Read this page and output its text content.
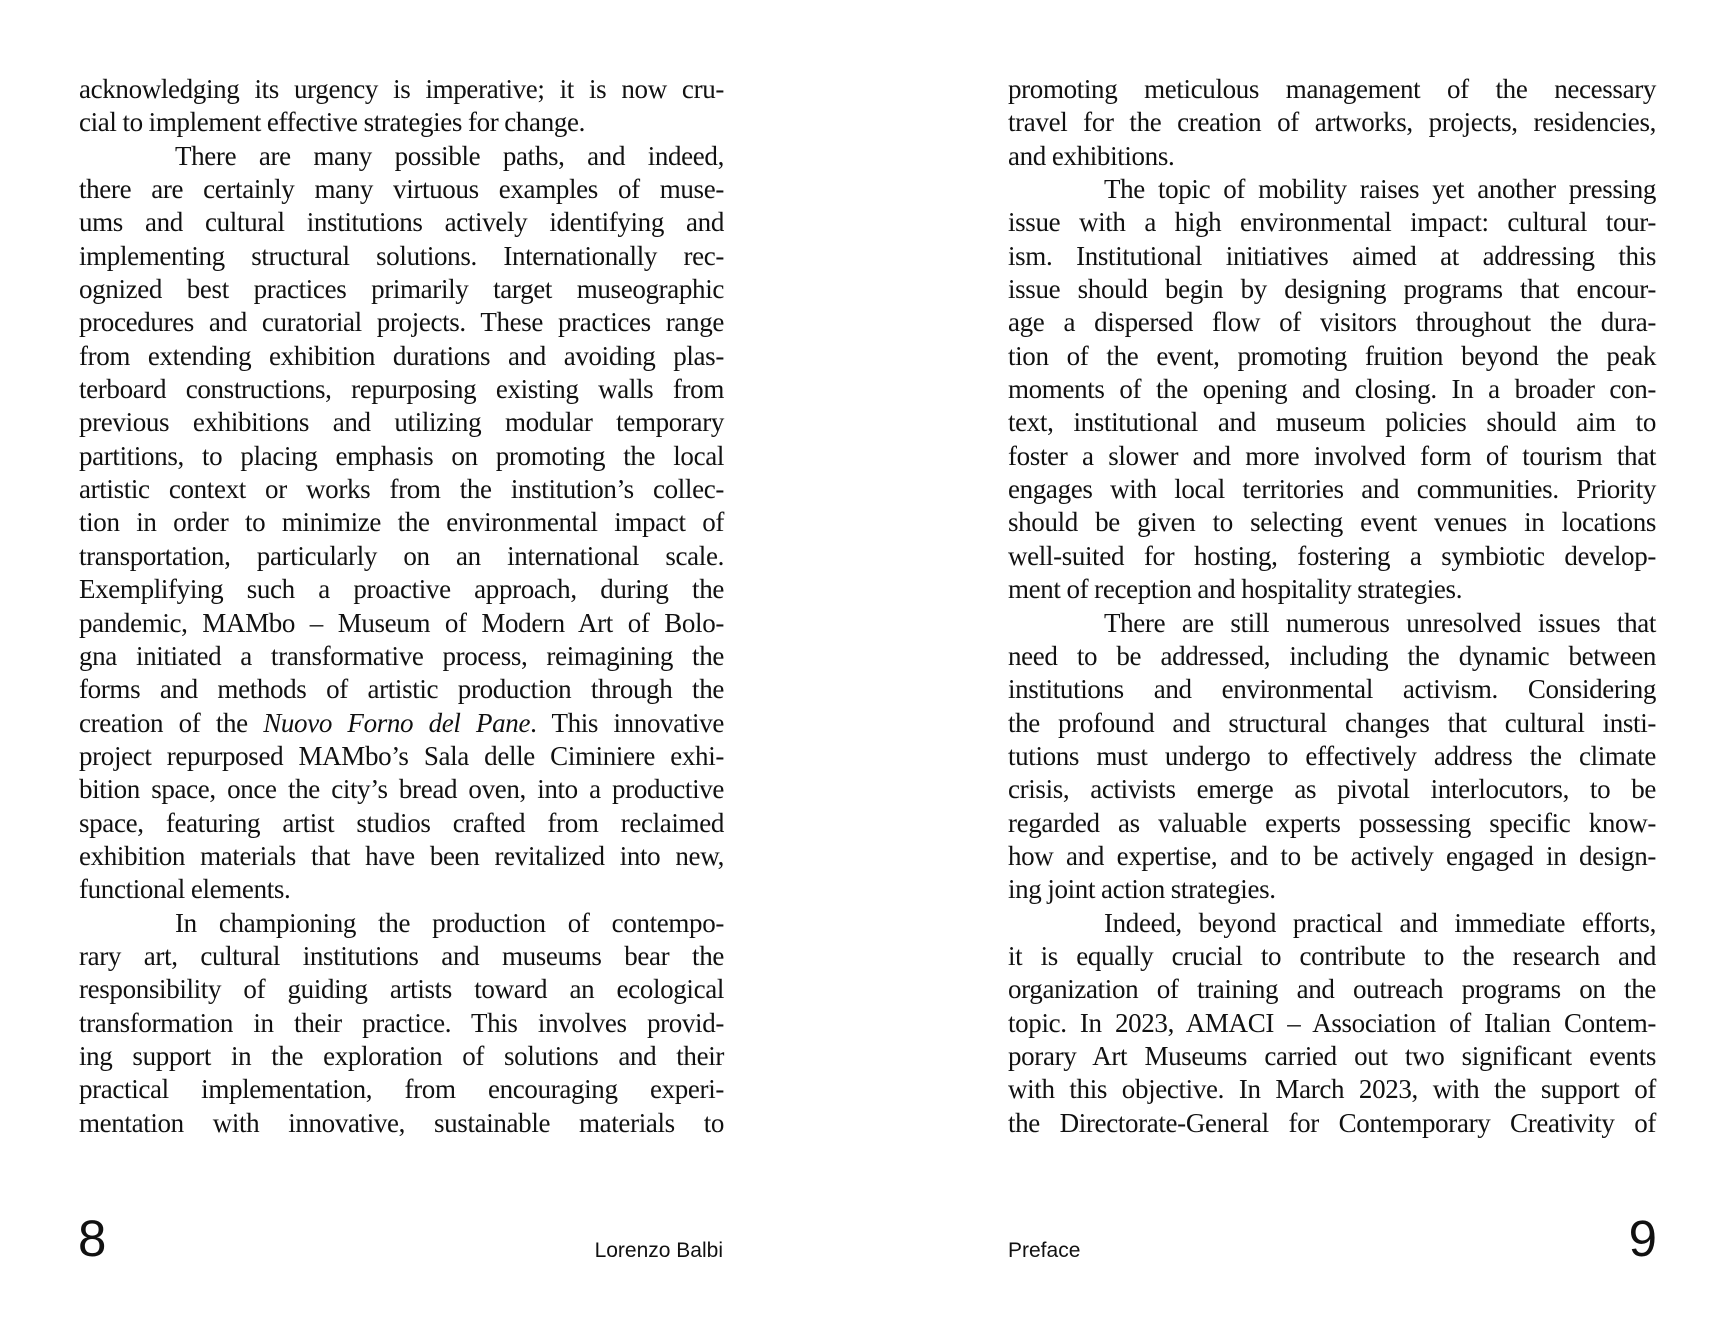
acknowledging its urgency is imperative; it is now cru-
cial to implement effective strategies for change.
There are many possible paths, and indeed,
there are certainly many virtuous examples of muse-
ums and cultural institutions actively identifying and
implementing structural solutions. Internationally rec-
ognized best practices primarily target museographic
procedures and curatorial projects. These practices range
from extending exhibition durations and avoiding plas-
terboard constructions, repurposing existing walls from
previous exhibitions and utilizing modular temporary
partitions, to placing emphasis on promoting the local
artistic context or works from the institution’s collec-
tion in order to minimize the environmental impact of
transportation, particularly on an international scale.
Exemplifying such a proactive approach, during the
pandemic, MAMbo – Museum of Modern Art of Bolo-
gna initiated a transformative process, reimagining the
forms and methods of artistic production through the
creation of the Nuovo Forno del Pane. This innovative
project repurposed MAMbo’s Sala delle Ciminiere exhi-
bition space, once the city’s bread oven, into a productive
space, featuring artist studios crafted from reclaimed
exhibition materials that have been revitalized into new,
functional elements.
In championing the production of contempo-
rary art, cultural institutions and museums bear the
responsibility of guiding artists toward an ecological
transformation in their practice. This involves provid-
ing support in the exploration of solutions and their
practical implementation, from encouraging experi-
mentation with innovative, sustainable materials to
8	Lorenzo Balbi
promoting meticulous management of the necessary
travel for the creation of artworks, projects, residencies,
and exhibitions.
The topic of mobility raises yet another pressing
issue with a high environmental impact: cultural tour-
ism. Institutional initiatives aimed at addressing this
issue should begin by designing programs that encour-
age a dispersed flow of visitors throughout the dura-
tion of the event, promoting fruition beyond the peak
moments of the opening and closing. In a broader con-
text, institutional and museum policies should aim to
foster a slower and more involved form of tourism that
engages with local territories and communities. Priority
should be given to selecting event venues in locations
well-suited for hosting, fostering a symbiotic develop-
ment of reception and hospitality strategies.
There are still numerous unresolved issues that
need to be addressed, including the dynamic between
institutions and environmental activism. Considering
the profound and structural changes that cultural insti-
tutions must undergo to effectively address the climate
crisis, activists emerge as pivotal interlocutors, to be
regarded as valuable experts possessing specific know-
how and expertise, and to be actively engaged in design-
ing joint action strategies.
Indeed, beyond practical and immediate efforts,
it is equally crucial to contribute to the research and
organization of training and outreach programs on the
topic. In 2023, AMACI – Association of Italian Contem-
porary Art Museums carried out two significant events
with this objective. In March 2023, with the support of
the Directorate-General for Contemporary Creativity of
Preface	9
